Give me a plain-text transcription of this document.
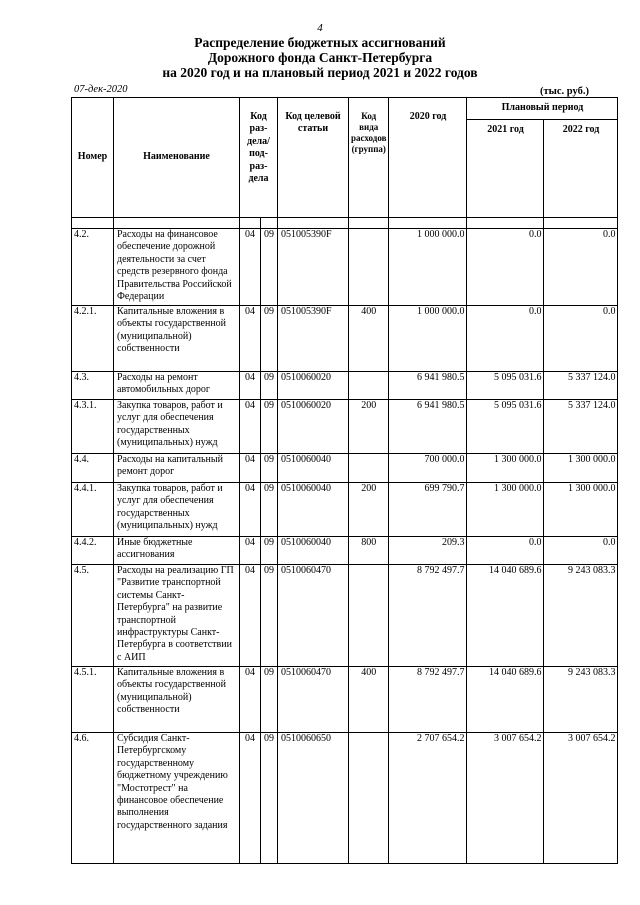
4
Распределение бюджетных ассигнований
Дорожного фонда Санкт-Петербурга
на 2020 год и на плановый период 2021 и 2022 годов
07-дек-2020	(тыс. руб.)
Номер	Наименование	Код раз-дела/ под-раз-дела		Код целевой статьи	Код вида расходов (группа)	2020 год	Плановый период	
							2021 год	2022 год

4.2.	Расходы на финансовое обеспечение дорожной деятельности за счет средств резервного фонда Правительства Российской Федерации	04	09	051005390F		1 000 000.0	0.0	0.0
4.2.1.	Капитальные вложения в объекты государственной (муниципальной) собственности	04	09	051005390F	400	1 000 000.0	0.0	0.0
4.3.	Расходы на ремонт автомобильных дорог	04	09	0510060020		6 941 980.5	5 095 031.6	5 337 124.0
4.3.1.	Закупка товаров, работ и услуг для обеспечения государственных (муниципальных) нужд	04	09	0510060020	200	6 941 980.5	5 095 031.6	5 337 124.0
4.4.	Расходы на капитальный ремонт дорог	04	09	0510060040		700 000.0	1 300 000.0	1 300 000.0
4.4.1.	Закупка товаров, работ и услуг для обеспечения государственных (муниципальных) нужд	04	09	0510060040	200	699 790.7	1 300 000.0	1 300 000.0
4.4.2.	Иные бюджетные ассигнования	04	09	0510060040	800	209.3	0.0	0.0
4.5.	Расходы на реализацию ГП "Развитие транспортной системы Санкт-Петербурга" на развитие транспортной инфраструктуры Санкт-Петербурга в соответствии с АИП	04	09	0510060470		8 792 497.7	14 040 689.6	9 243 083.3
4.5.1.	Капитальные вложения в объекты государственной (муниципальной) собственности	04	09	0510060470	400	8 792 497.7	14 040 689.6	9 243 083.3
4.6.	Субсидия Санкт-Петербургскому государственному бюджетному учреждению "Мостотрест" на финансовое обеспечение выполнения государственного задания	04	09	0510060650		2 707 654.2	3 007 654.2	3 007 654.2
